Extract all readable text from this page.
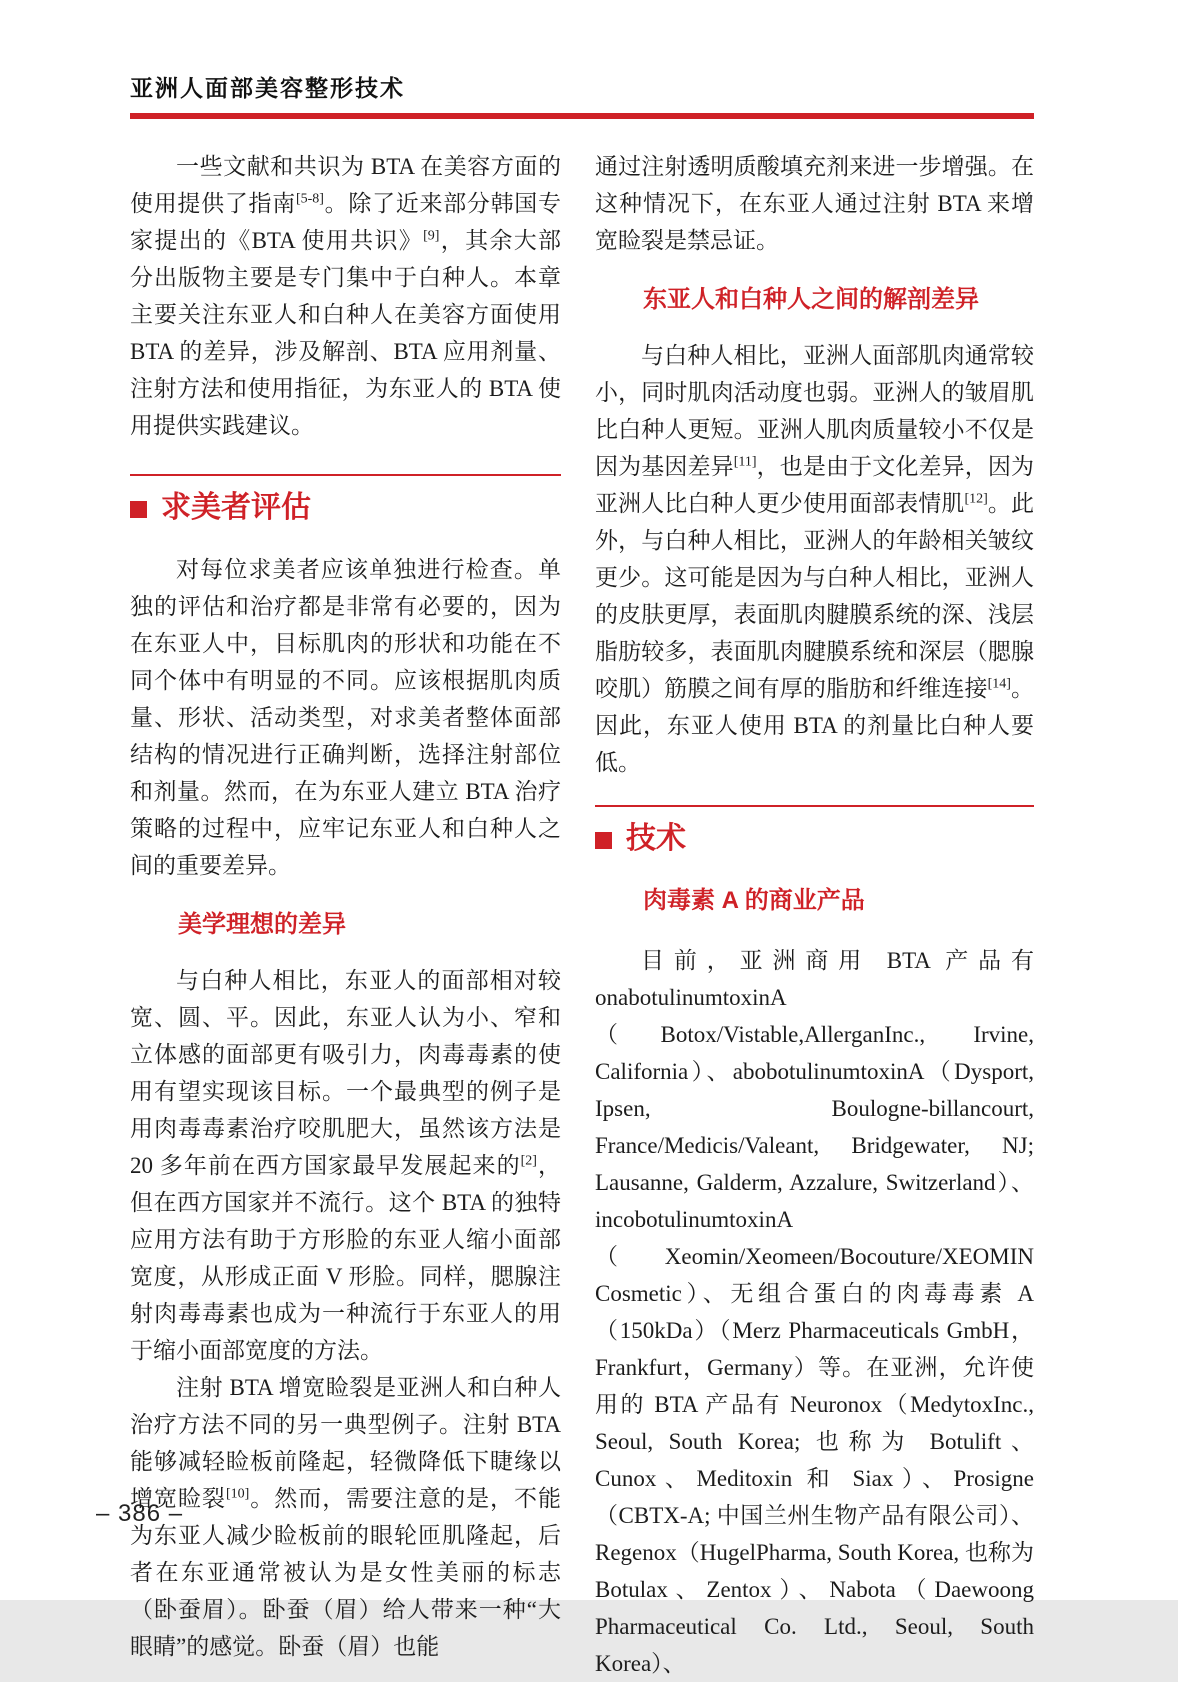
亚洲人面部美容整形技术

一些文献和共识为 BTA 在美容方面的使用提供了指南[5-8]。除了近来部分韩国专家提出的《BTA 使用共识》[9]，其余大部分出版物主要是专门集中于白种人。本章主要关注东亚人和白种人在美容方面使用 BTA 的差异，涉及解剖、BTA 应用剂量、注射方法和使用指征，为东亚人的 BTA 使用提供实践建议。

求美者评估

对每位求美者应该单独进行检查。单独的评估和治疗都是非常有必要的，因为在东亚人中，目标肌肉的形状和功能在不同个体中有明显的不同。应该根据肌肉质量、形状、活动类型，对求美者整体面部结构的情况进行正确判断，选择注射部位和剂量。然而，在为东亚人建立 BTA 治疗策略的过程中，应牢记东亚人和白种人之间的重要差异。

美学理想的差异

与白种人相比，东亚人的面部相对较宽、圆、平。因此，东亚人认为小、窄和立体感的面部更有吸引力，肉毒毒素的使用有望实现该目标。一个最典型的例子是用肉毒毒素治疗咬肌肥大，虽然该方法是 20 多年前在西方国家最早发展起来的[2]，但在西方国家并不流行。这个 BTA 的独特应用方法有助于方形脸的东亚人缩小面部宽度，从形成正面 V 形脸。同样，腮腺注射肉毒毒素也成为一种流行于东亚人的用于缩小面部宽度的方法。

注射 BTA 增宽睑裂是亚洲人和白种人治疗方法不同的另一典型例子。注射 BTA 能够减轻睑板前隆起，轻微降低下睫缘以增宽睑裂[10]。然而，需要注意的是，不能为东亚人减少睑板前的眼轮匝肌隆起，后者在东亚通常被认为是女性美丽的标志（卧蚕眉）。卧蚕（眉）给人带来一种“大眼睛”的感觉。卧蚕（眉）也能

通过注射透明质酸填充剂来进一步增强。在这种情况下，在东亚人通过注射 BTA 来增宽睑裂是禁忌证。

东亚人和白种人之间的解剖差异

与白种人相比，亚洲人面部肌肉通常较小，同时肌肉活动度也弱。亚洲人的皱眉肌比白种人更短。亚洲人肌肉质量较小不仅是因为基因差异[11]，也是由于文化差异，因为亚洲人比白种人更少使用面部表情肌[12]。此外，与白种人相比，亚洲人的年龄相关皱纹更少。这可能是因为与白种人相比，亚洲人的皮肤更厚，表面肌肉腱膜系统的深、浅层脂肪较多，表面肌肉腱膜系统和深层（腮腺咬肌）筋膜之间有厚的脂肪和纤维连接[14]。因此，东亚人使用 BTA 的剂量比白种人要低。

技术
肉毒素 A 的商业产品

目前，亚洲商用 BTA 产品有 onabotulinumtoxinA（Botox/Vistable,AllerganInc., Irvine, California）、abobotulinumtoxinA（Dysport, Ipsen, Boulogne-billancourt, France/Medicis/Valeant, Bridgewater, NJ; Lausanne, Galderm, Azzalure, Switzerland）、incobotulinumtoxinA（Xeomin/Xeomeen/Bocouture/XEOMIN Cosmetic）、无组合蛋白的肉毒毒素 A（150kDa）（Merz Pharmaceuticals GmbH，Frankfurt，Germany）等。在亚洲，允许使用的 BTA 产品有 Neuronox（MedytoxInc., Seoul, South Korea; 也称为 Botulift、Cunox、Meditoxin 和 Siax）、Prosigne（CBTX-A; 中国兰州生物产品有限公司）、Regenox（HugelPharma, South Korea, 也称为 Botulax、Zentox）、Nabota（Daewoong Pharmaceutical Co. Ltd., Seoul, South Korea）、

– 386 –
